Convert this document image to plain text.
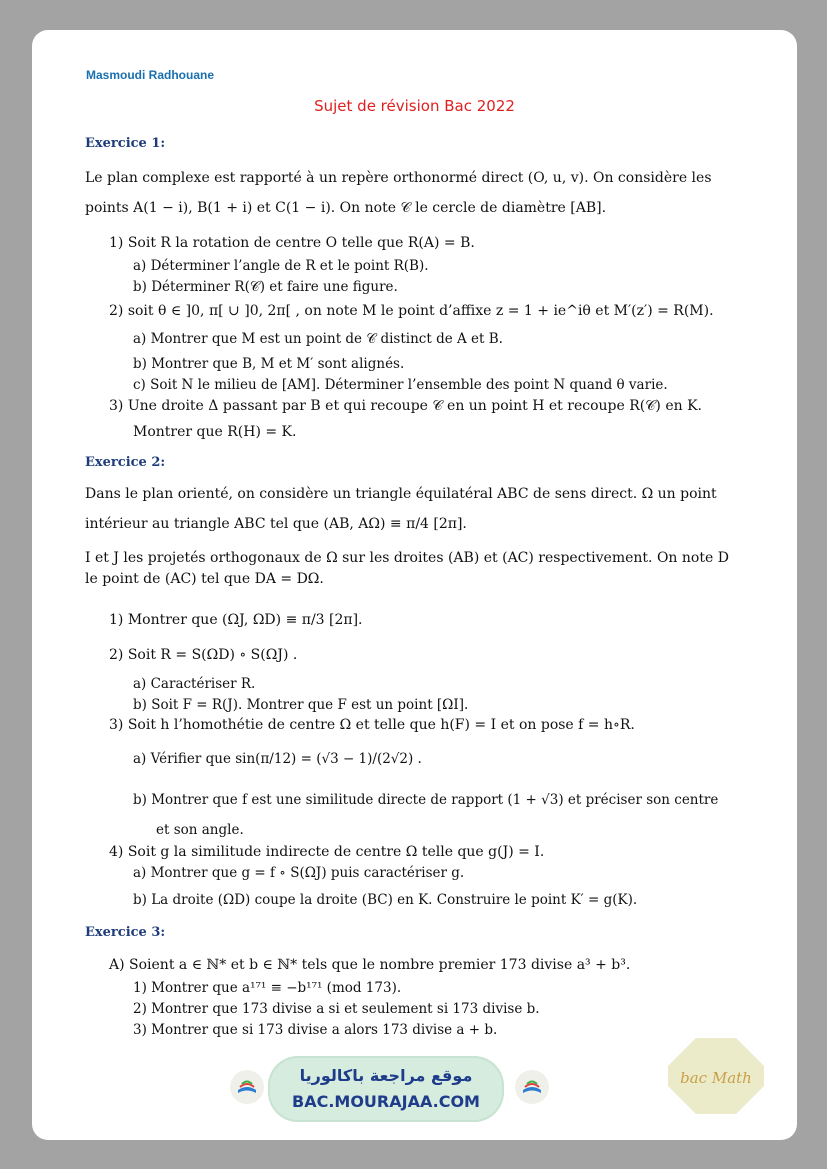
Masmoudi Radhouane
Sujet de révision Bac 2022
Exercice 1:
Le plan complexe est rapporté à un repère orthonormé direct (O, u, v). On considère les
points A(1 − i), B(1 + i) et C(1 − i). On note 𝒞 le cercle de diamètre [AB].
1) Soit R la rotation de centre O telle que R(A) = B.
a) Déterminer l’angle de R et le point R(B).
b) Déterminer R(𝒞) et faire une figure.
2) soit θ ∈ ]0, π[ ∪ ]0, 2π[ , on note M le point d’affixe z = 1 + ie^iθ et M′(z′) = R(M).
a) Montrer que M est un point de 𝒞 distinct de A et B.
b) Montrer que B, M et M′ sont alignés.
c) Soit N le milieu de [AM]. Déterminer l’ensemble des point N quand θ varie.
3) Une droite Δ passant par B et qui recoupe 𝒞 en un point H et recoupe R(𝒞) en K.
Montrer que R(H) = K.
Exercice 2:
Dans le plan orienté, on considère un triangle équilatéral ABC de sens direct. Ω un point
intérieur au triangle ABC tel que (AB, AΩ) ≡ π/4 [2π].
I et J les projetés orthogonaux de Ω sur les droites (AB) et (AC) respectivement. On note D
le point de (AC) tel que DA = DΩ.
1) Montrer que (ΩJ, ΩD) ≡ π/3 [2π].
2) Soit R = S(ΩD) ∘ S(ΩJ) .
a) Caractériser R.
b) Soit F = R(J). Montrer que F est un point [ΩI].
3) Soit h l’homothétie de centre Ω et telle que h(F) = I et on pose f = h∘R.
a) Vérifier que sin(π/12) = (√3 − 1)/(2√2) .
b) Montrer que f est une similitude directe de rapport (1 + √3) et préciser son centre
et son angle.
4) Soit g la similitude indirecte de centre Ω telle que g(J) = I.
a) Montrer que g = f ∘ S(ΩJ) puis caractériser g.
b) La droite (ΩD) coupe la droite (BC) en K. Construire le point K′ = g(K).
Exercice 3:
A) Soient a ∈ ℕ* et b ∈ ℕ* tels que le nombre premier 173 divise a³ + b³.
1) Montrer que a¹⁷¹ ≡ −b¹⁷¹ (mod 173).
2) Montrer que 173 divise a si et seulement si 173 divise b.
3) Montrer que si 173 divise a alors 173 divise a + b.
موقع مراجعة باكالوريا
BAC.MOURAJAA.COM
bac Math
